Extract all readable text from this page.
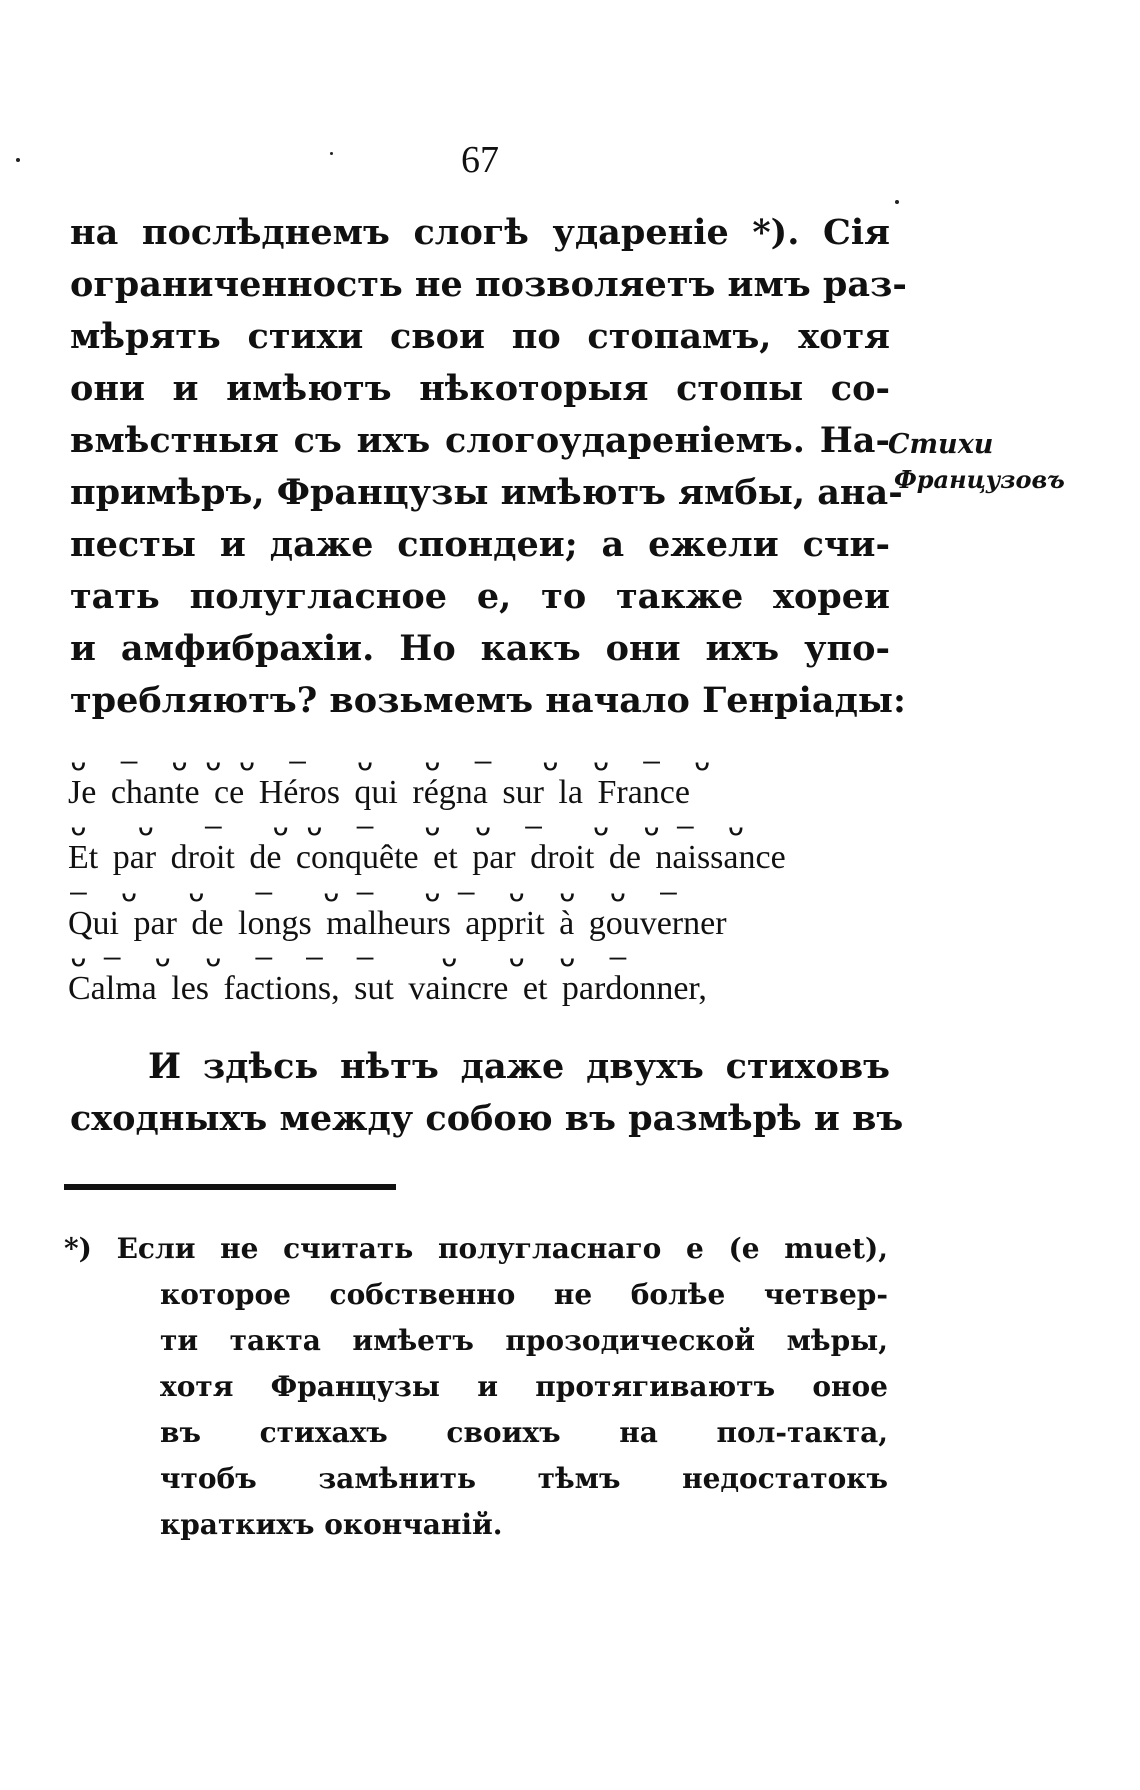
67
на послѣднемъ слогѣ удареніе *). Сія
ограниченность не позволяетъ имъ раз-
мѣрять стихи свои по стопамъ, хотя
они и имѣютъ нѣкоторыя стопы со-
вмѣстныя съ ихъ слогоудареніемъ. На-
примѣръ, Французы имѣютъ ямбы, ана-
песты и даже спондеи; а ежели счи-
тать полугласное е, то также хореи
и амфибрахіи. Но какъ они ихъ упо-
требляютъ? возьмемъ начало Генріады:
Стихи
Французовъ
ᴗ  —  ᴗ ᴗ ᴗ  —   ᴗ   ᴗ  —   ᴗ  ᴗ  —  ᴗ
Je chante ce Héros qui régna sur la France
ᴗ   ᴗ   —   ᴗ ᴗ  —   ᴗ  ᴗ  —   ᴗ  ᴗ —  ᴗ
Et par droit de conquête et par droit de naissance
—  ᴗ   ᴗ   —   ᴗ —   ᴗ —  ᴗ  ᴗ  ᴗ  —
Qui par de longs malheurs apprit à gouverner
ᴗ —  ᴗ  ᴗ  —  —  —    ᴗ   ᴗ  ᴗ  —
Calma les factions, sut vaincre et pardonner,
И здѣсь нѣтъ даже двухъ стиховъ
сходныхъ между собою въ размѣрѣ и въ
*) Если не считать полугласнаго е (e muet),
которое собственно не болѣе четвер-
ти такта имѣетъ прозодической мѣры,
хотя Французы и протягиваютъ оное
въ стихахъ своихъ на пол-такта,
чтобъ замѣнить тѣмъ недостатокъ
краткихъ окончаній.
